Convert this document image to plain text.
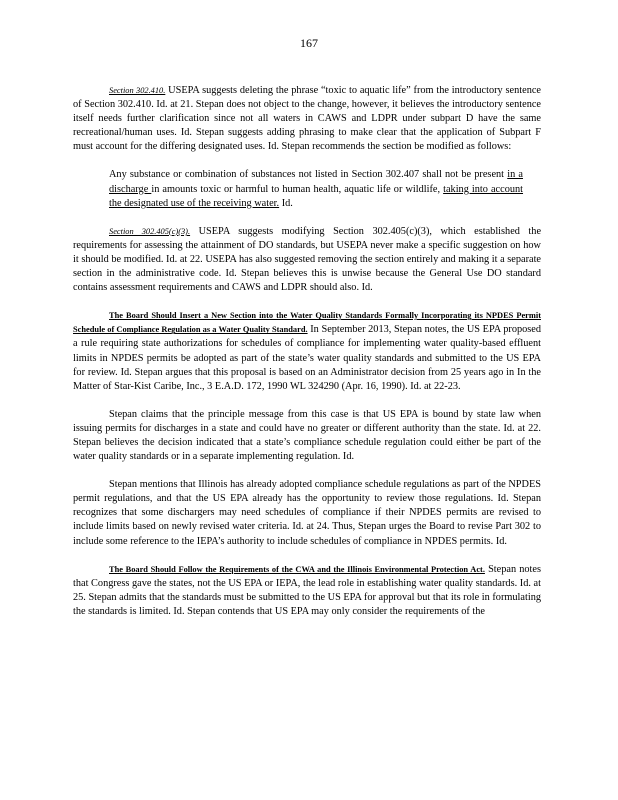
167

Section 302.410. USEPA suggests deleting the phrase “toxic to aquatic life” from the introductory sentence of Section 302.410. Id. at 21. Stepan does not object to the change, however, it believes the introductory sentence itself needs further clarification since not all waters in CAWS and LDPR under subpart D have the same recreational/human uses. Id. Stepan suggests adding phrasing to make clear that the application of Subpart F must account for the differing designated uses. Id. Stepan recommends the section be modified as follows:

Any substance or combination of substances not listed in Section 302.407 shall not be present in a discharge in amounts toxic or harmful to human health, aquatic life or wildlife, taking into account the designated use of the receiving water. Id.

Section 302.405(c)(3). USEPA suggests modifying Section 302.405(c)(3), which established the requirements for assessing the attainment of DO standards, but USEPA never make a specific suggestion on how it should be modified. Id. at 22. USEPA has also suggested removing the section entirely and making it a separate section in the administrative code. Id. Stepan believes this is unwise because the General Use DO standard contains assessment requirements and CAWS and LDPR should also. Id.

The Board Should Insert a New Section into the Water Quality Standards Formally Incorporating its NPDES Permit Schedule of Compliance Regulation as a Water Quality Standard. In September 2013, Stepan notes, the US EPA proposed a rule requiring state authorizations for schedules of compliance for implementing water quality-based effluent limits in NPDES permits be adopted as part of the state’s water quality standards and submitted to the US EPA for review. Id. Stepan argues that this proposal is based on an Administrator decision from 25 years ago in In the Matter of Star-Kist Caribe, Inc., 3 E.A.D. 172, 1990 WL 324290 (Apr. 16, 1990). Id. at 22-23.

Stepan claims that the principle message from this case is that US EPA is bound by state law when issuing permits for discharges in a state and could have no greater or different authority than the state. Id. at 22. Stepan believes the decision indicated that a state’s compliance schedule regulation could either be part of the water quality standards or in a separate implementing regulation. Id.

Stepan mentions that Illinois has already adopted compliance schedule regulations as part of the NPDES permit regulations, and that the US EPA already has the opportunity to review those regulations. Id. Stepan recognizes that some dischargers may need schedules of compliance if their NPDES permits are revised to include limits based on newly revised water criteria. Id. at 24. Thus, Stepan urges the Board to revise Part 302 to include some reference to the IEPA’s authority to include schedules of compliance in NPDES permits. Id.

The Board Should Follow the Requirements of the CWA and the Illinois Environmental Protection Act. Stepan notes that Congress gave the states, not the US EPA or IEPA, the lead role in establishing water quality standards. Id. at 25. Stepan admits that the standards must be submitted to the US EPA for approval but that its role in formulating the standards is limited. Id. Stepan contends that US EPA may only consider the requirements of the
